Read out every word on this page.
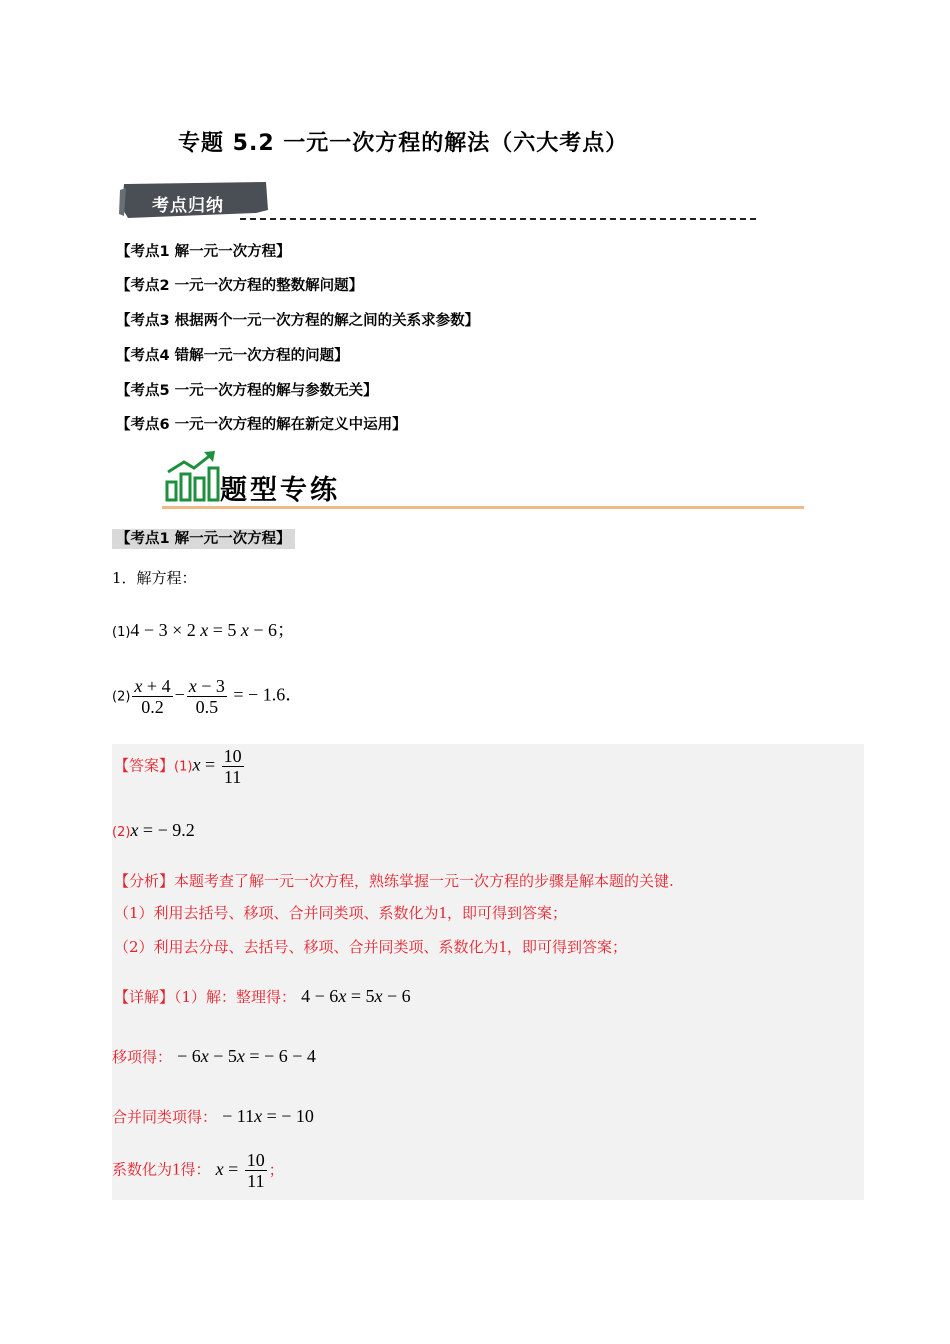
专题 5.2 一元一次方程的解法（六大考点）
考点归纳
【考点1 解一元一次方程】
【考点2 一元一次方程的整数解问题】
【考点3 根据两个一元一次方程的解之间的关系求参数】
【考点4 错解一元一次方程的问题】
【考点5 一元一次方程的解与参数无关】
【考点6 一元一次方程的解在新定义中运用】
题型专练
【考点1 解一元一次方程】
1．解方程：
(1)4 − 3 × 2 x = 5 x − 6；
$(2) \frac{x + 4}{0.2} - \frac{x - 3}{0.5}$ = − 1.6．
【答案】$(1)x = \frac{10}{11}$
(2)x = − 9.2
【分析】本题考查了解一元一次方程，熟练掌握一元一次方程的步骤是解本题的关键.
（1）利用去括号、移项、合并同类项、系数化为1，即可得到答案；
（2）利用去分母、去括号、移项、合并同类项、系数化为1，即可得到答案；
【详解】（1）解：整理得： 4 − 6x = 5x − 6
移项得： − 6x − 5x = − 6 − 4
合并同类项得： − 11x = − 10
系数化为1得： $x = \frac{10}{11}$ ；
